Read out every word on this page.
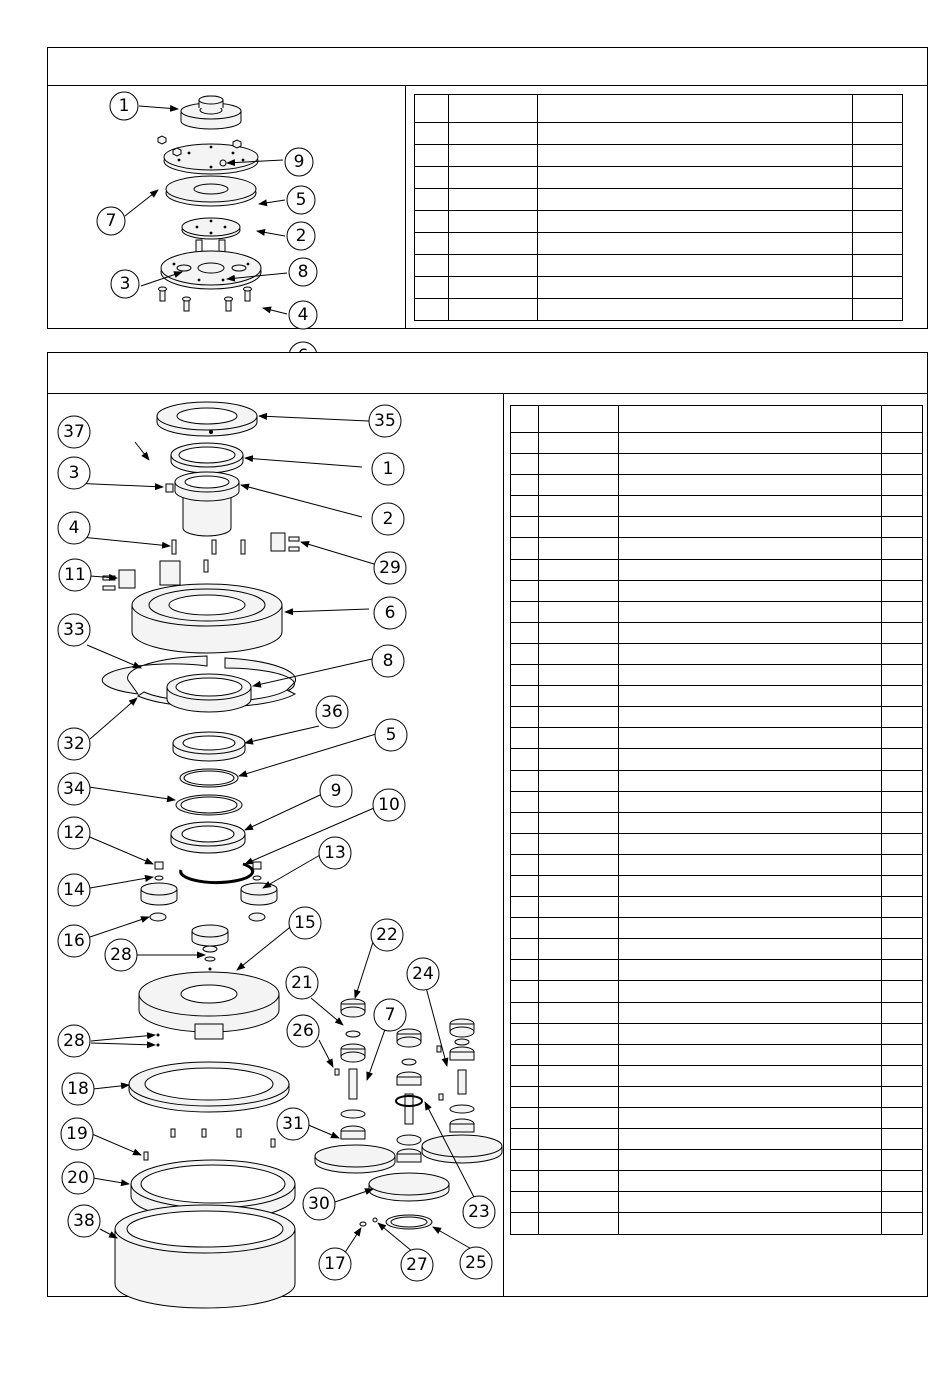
1
9
7
5
2
3
8
4

35
37
1
3
2
4
29
11
6
33
8
36
32	5
34	9
10
12
13
14
16
15
22
28
21	24
7
26
28
18
19	31
20
23
30
38
17	27 25
